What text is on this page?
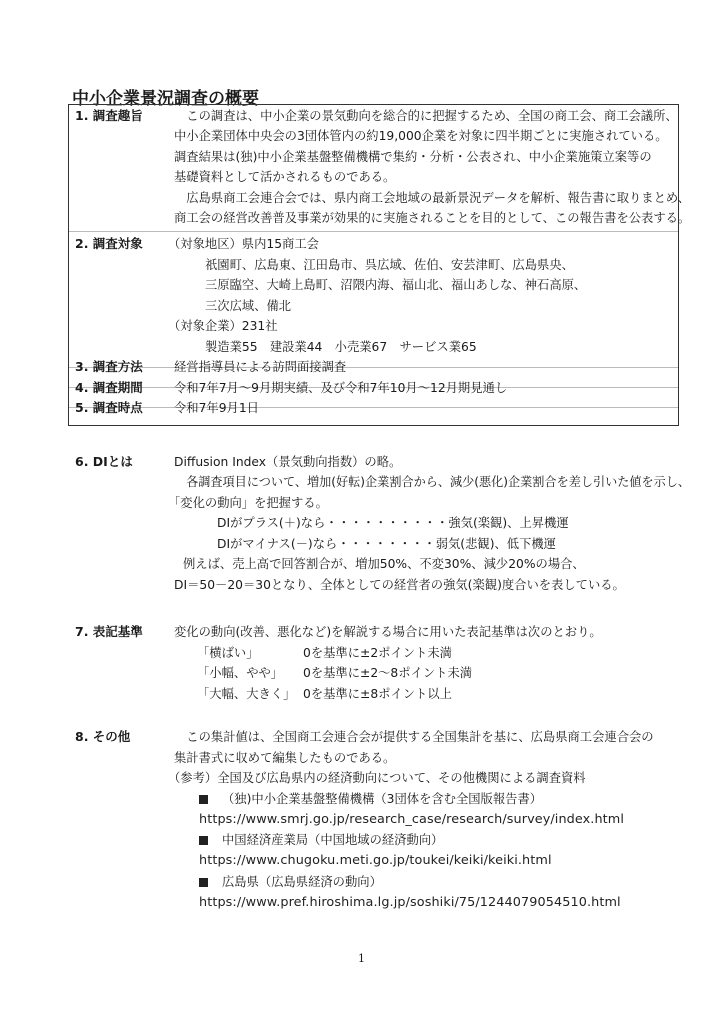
中小企業景況調査の概要
1. 調査趣旨	　この調査は、中小企業の景気動向を総合的に把握するため、全国の商工会、商工会議所、
中小企業団体中央会の3団体管内の約19,000企業を対象に四半期ごとに実施されている。
調査結果は(独)中小企業基盤整備機構で集約・分析・公表され、中小企業施策立案等の
基礎資料として活かされるものである。
　広島県商工会連合会では、県内商工会地域の最新景況データを解析、報告書に取りまとめ、
商工会の経営改善普及事業が効果的に実施されることを目的として、この報告書を公表する。
2. 調査対象 （対象地区）県内15商工会
祇園町、広島東、江田島市、呉広域、佐伯、安芸津町、広島県央、
三原臨空、大崎上島町、沼隈内海、福山北、福山あしな、神石高原、
三次広域、備北
（対象企業）231社
製造業55　建設業44　小売業67　サービス業65
3. 調査方法	経営指導員による訪問面接調査
4. 調査期間	令和7年7月～9月期実績、及び令和7年10月～12月期見通し
5. 調査時点	令和7年9月1日
6. DIとは	Diffusion Index（景気動向指数）の略。
　各調査項目について、増加(好転)企業割合から、減少(悪化)企業割合を差し引いた値を示し、
「変化の動向」を把握する。
DIがプラス(＋)なら・・・・・・・・・・強気(楽観)、上昇機運
DIがマイナス(－)なら・・・・・・・・弱気(悲観)、低下機運
例えば、売上高で回答割合が、増加50%、不変30%、減少20%の場合、
DI＝50－20＝30となり、全体としての経営者の強気(楽観)度合いを表している。
7. 表記基準	変化の動向(改善、悪化など)を解説する場合に用いた表記基準は次のとおり。
「横ばい」	0を基準に±2ポイント未満
「小幅、やや」 0を基準に±2～8ポイント未満
「大幅、大きく」 0を基準に±8ポイント以上
8. その他	　この集計値は、全国商工会連合会が提供する全国集計を基に、広島県商工会連合会の
集計書式に収めて編集したものである。
（参考）全国及び広島県内の経済動向について、その他機関による調査資料
（独)中小企業基盤整備機構（3団体を含む全国版報告書）
https://www.smrj.go.jp/research_case/research/survey/index.html
中国経済産業局（中国地域の経済動向）
https://www.chugoku.meti.go.jp/toukei/keiki/keiki.html
広島県（広島県経済の動向）
https://www.pref.hiroshima.lg.jp/soshiki/75/1244079054510.html
1
